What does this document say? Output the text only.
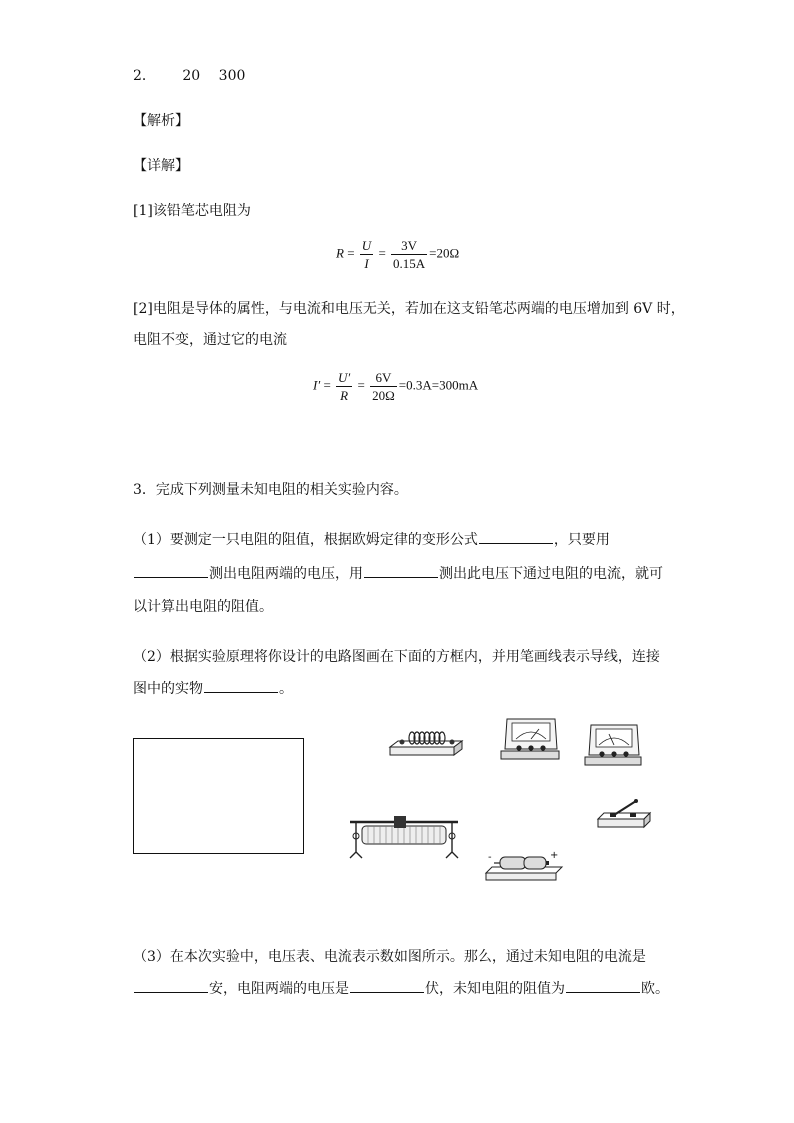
2． 20 300
【解析】
【详解】
[1]该铅笔芯电阻为
$R = \frac{U}{I} = \frac{3V}{0.15A} =20\Omega$
[2]电阻是导体的属性，与电流和电压无关，若加在这支铅笔芯两端的电压增加到 6V 时，
电阻不变，通过它的电流
$I' = \frac{U'}{R} = \frac{6V}{20\Omega} =0.3A=300mA$
3．完成下列测量未知电阻的相关实验内容。
（1）要测定一只电阻的阻值，根据欧姆定律的变形公式	，只要用
测出电阻两端的电压，用	测出此电压下通过电阻的电流，就可
以计算出电阻的阻值。
（2）根据实验原理将你设计的电路图画在下面的方框内，并用笔画线表示导线，连接
图中的实物	。
-	+
（3）在本次实验中，电压表、电流表示数如图所示。那么，通过未知电阻的电流是
安，电阻两端的电压是	伏，未知电阻的阻值为	欧。
